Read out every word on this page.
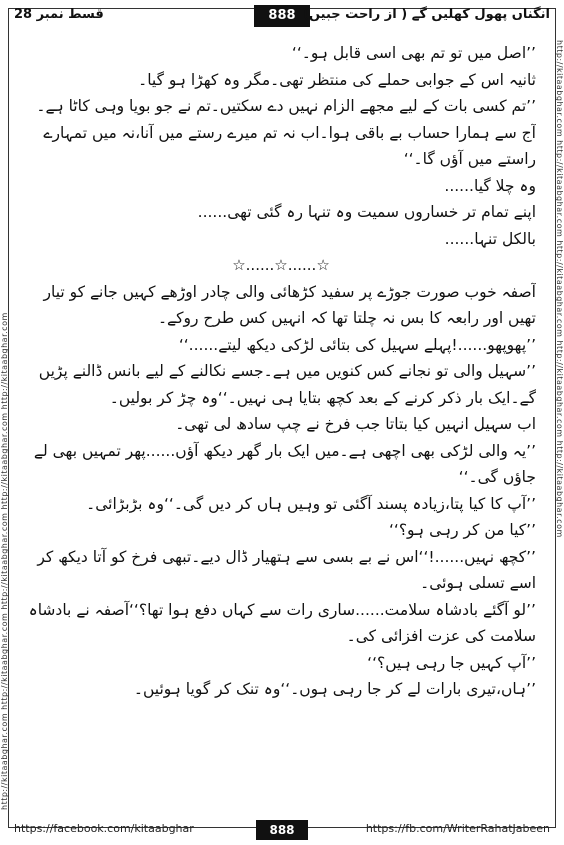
قسط نمبر 28	888 انگناں پھول کھلیں گے ( از راحت جبیں)
http://kitaabghar.com http://kitaabghar.com http://kitaabghar.com http://kitaabghar.com http://kitaabghar.com
http://kitaabghar.com http://kitaabghar.com http://kitaabghar.com http://kitaabghar.com http://kitaabghar.com

’’اصل میں تو تم بھی اسی قابل ہو۔‘‘

ثانیہ اس کے جوابی حملے کی منتظر تھی۔مگر وہ کھڑا ہو گیا۔

’’تم کسی بات کے لیے مجھے الزام نہیں دے سکتیں۔تم نے جو بویا وہی کاٹا ہے۔آج سے ہمارا حساب بے باقی ہوا۔اب نہ تم میرے رستے میں آنا،نہ میں تمہارے راستے میں آؤں گا۔‘‘

وہ چلا گیا......

اپنے تمام تر خساروں سمیت وہ تنہا رہ گئی تھی......

بالکل تنہا......

☆......☆......☆

آصفہ خوب صورت جوڑے پر سفید کڑھائی والی چادر اوڑھے کہیں جانے کو تیار تھیں اور رابعہ کا بس نہ چلتا تھا کہ انہیں کس طرح روکے۔

’’پھوپھو......!پہلے سہیل کی بتائی لڑکی دیکھ لیتے......‘‘

’’سہیل والی تو نجانے کس کنویں میں ہے۔جسے نکالنے کے لیے بانس ڈالنے پڑیں گے۔ایک بار ذکر کرنے کے بعد کچھ بتایا ہی نہیں۔‘‘وہ چڑ کر بولیں۔

اب سہیل انہیں کیا بتاتا جب فرخ نے چپ سادھ لی تھی۔

’’یہ والی لڑکی بھی اچھی ہے۔میں ایک بار گھر دیکھ آؤں......پھر تمہیں بھی لے جاؤں گی۔‘‘

’’آپ کا کیا پتا،زیادہ پسند آگئی تو وہیں ہاں کر دیں گی۔‘‘وہ بڑبڑائی۔

’’کیا من کر رہی ہو؟‘‘

’’کچھ نہیں......!‘‘اس نے بے بسی سے ہتھیار ڈال دیے۔تبھی فرخ کو آتا دیکھ کر اسے تسلی ہوئی۔

’’لو آگئے بادشاہ سلامت......ساری رات سے کہاں دفع ہوا تھا؟‘‘آصفہ نے بادشاہ سلامت کی عزت افزائی کی۔

’’آپ کہیں جا رہی ہیں؟‘‘

’’ہاں،تیری بارات لے کر جا رہی ہوں۔‘‘وہ تنک کر گویا ہوئیں۔

https://facebook.com/kitaabghar	888	https://fb.com/WriterRahatJabeen
